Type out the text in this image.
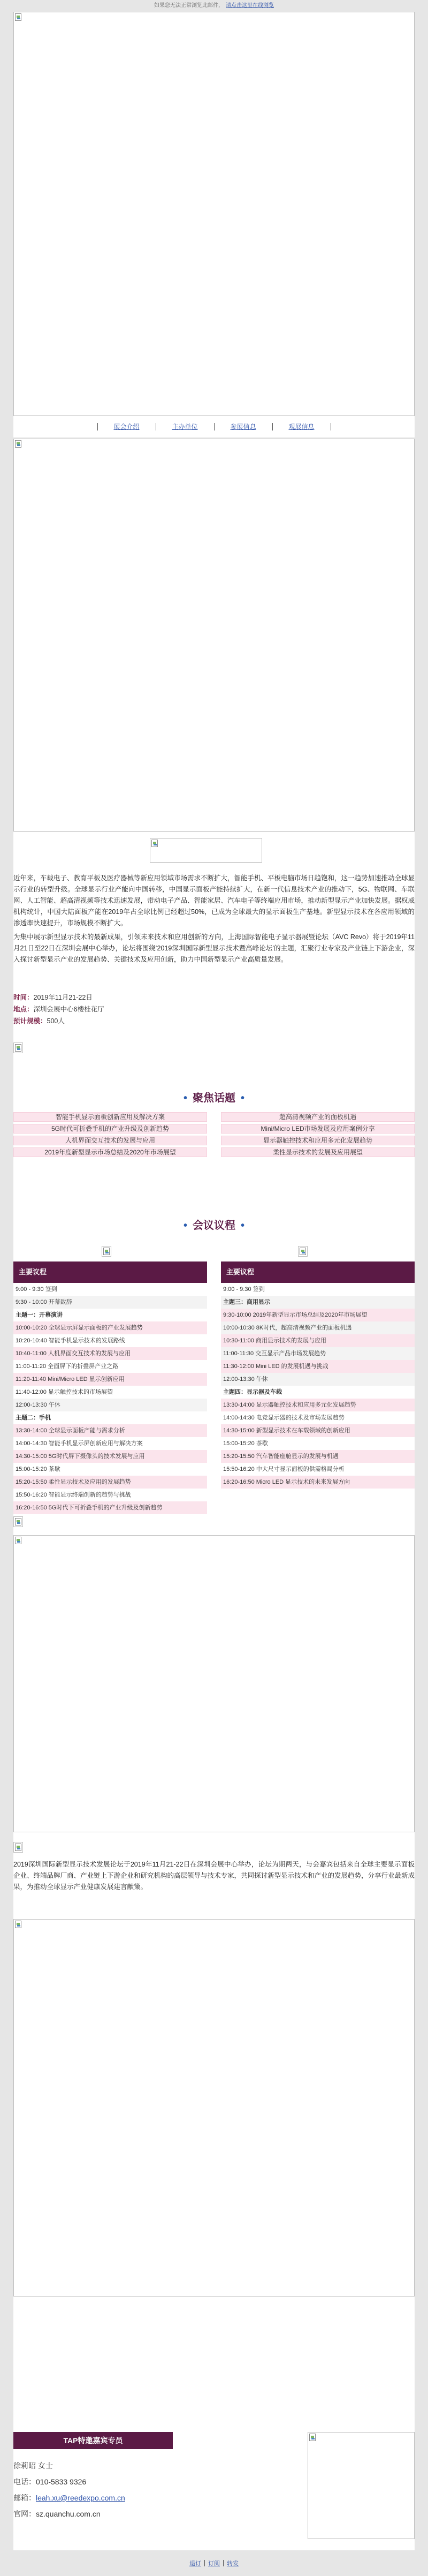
如果您无法正常浏览此邮件， 请点击这里在线浏览
展会介绍	主办单位	参展信息	观展信息

近年来，车载电子、教育平板及医疗器械等新应用领域市场需求不断扩大，智能手机、平板电脑市场日趋饱和，这一趋势加速推动全球显示行业的转型升级。全球显示行业产能向中国转移，中国显示面板产能持续扩大，在新一代信息技术产业的推动下，5G、物联网、车联网、人工智能、超高清视频等技术迅速发展，带动电子产品、智能家居、汽车电子等终端应用市场，推动新型显示产业加快发展。据权威机构统计，中国大陆面板产能在2019年占全球比例已经超过50%，已成为全球最大的显示面板生产基地。新型显示技术在各应用领域的渗透率快速提升，市场规模不断扩大。

为集中展示新型显示技术的最新成果，引领未来技术和应用创新的方向，上海国际智能电子显示器展暨论坛（AVC Revo）将于2019年11月21日至22日在深圳会展中心举办，论坛将围绕‘2019深圳国际新型显示技术暨高峰论坛’的主题，汇聚行业专家及产业链上下游企业，深入探讨新型显示产业的发展趋势、关键技术及应用创新，助力中国新型显示产业高质量发展。

时间：2019年11月21-22日
地点：深圳会展中心6楼桂花厅
预计规模：500人
• 聚焦话题 •
智能手机显示面板创新应用及解决方案	超高清视频产业的面板机遇
5G时代可折叠手机的产业升级及创新趋势	Mini/Micro LED市场发展及应用案例分享
人机界面交互技术的发展与应用	显示器触控技术和应用多元化发展趋势
2019年度新型显示市场总结及2020年市场展望	柔性显示技术的发展及应用展望
• 会议议程 •
主要议程
9:00 - 9:30 签到
9:30 - 10:00 开幕致辞
主题一：开幕演讲
10:00-10:20 全球显示屏显示面板的产业发展趋势
10:20-10:40 智能手机显示技术的发展路线
10:40-11:00 人机界面交互技术的发展与应用
11:00-11:20 全面屏下的折叠屏产业之路
11:20-11:40 Mini/Micro LED 显示创新应用
11:40-12:00 显示触控技术的市场展望
12:00-13:30 午休
主题二：手机
13:30-14:00 全球显示面板产能与需求分析
14:00-14:30 智能手机显示屏创新应用与解决方案
14:30-15:00 5G时代屏下摄像头的技术发展与应用
15:00-15:20 茶歇
15:20-15:50 柔性显示技术及应用的发展趋势
15:50-16:20 智能显示终端创新的趋势与挑战
16:20-16:50 5G时代下可折叠手机的产业升级及创新趋势
主要议程
9:00 - 9:30 签到
主题三：商用显示
9:30-10:00 2019年新型显示市场总结及2020年市场展望
10:00-10:30 8K时代，超高清视频产业的面板机遇
10:30-11:00 商用显示技术的发展与应用
11:00-11:30 交互显示产品市场发展趋势
11:30-12:00 Mini LED 的发展机遇与挑战
12:00-13:30 午休
主题四：显示器及车载
13:30-14:00 显示器触控技术和应用多元化发展趋势
14:00-14:30 电竞显示器的技术及市场发展趋势
14:30-15:00 新型显示技术在车载领域的创新应用
15:00-15:20 茶歇
15:20-15:50 汽车智能座舱显示的发展与机遇
15:50-16:20 中大尺寸显示面板的供需格局分析
16:20-16:50 Micro LED 显示技术的未来发展方向

2019深圳国际新型显示技术发展论坛于2019年11月21-22日在深圳会展中心举办，论坛为期两天，与会嘉宾包括来自全球主要显示面板企业、终端品牌厂商、产业链上下游企业和研究机构的高层领导与技术专家，共同探讨新型显示技术和产业的发展趋势，分享行业最新成果，为推动全球显示产业健康发展建言献策。

TAP特邀嘉宾专员
徐莉昭 女士
电话：010-5833 9326
邮箱：leah.xu@reedexpo.com.cn
官网：sz.quanchu.com.cn
退订 订阅 转发
